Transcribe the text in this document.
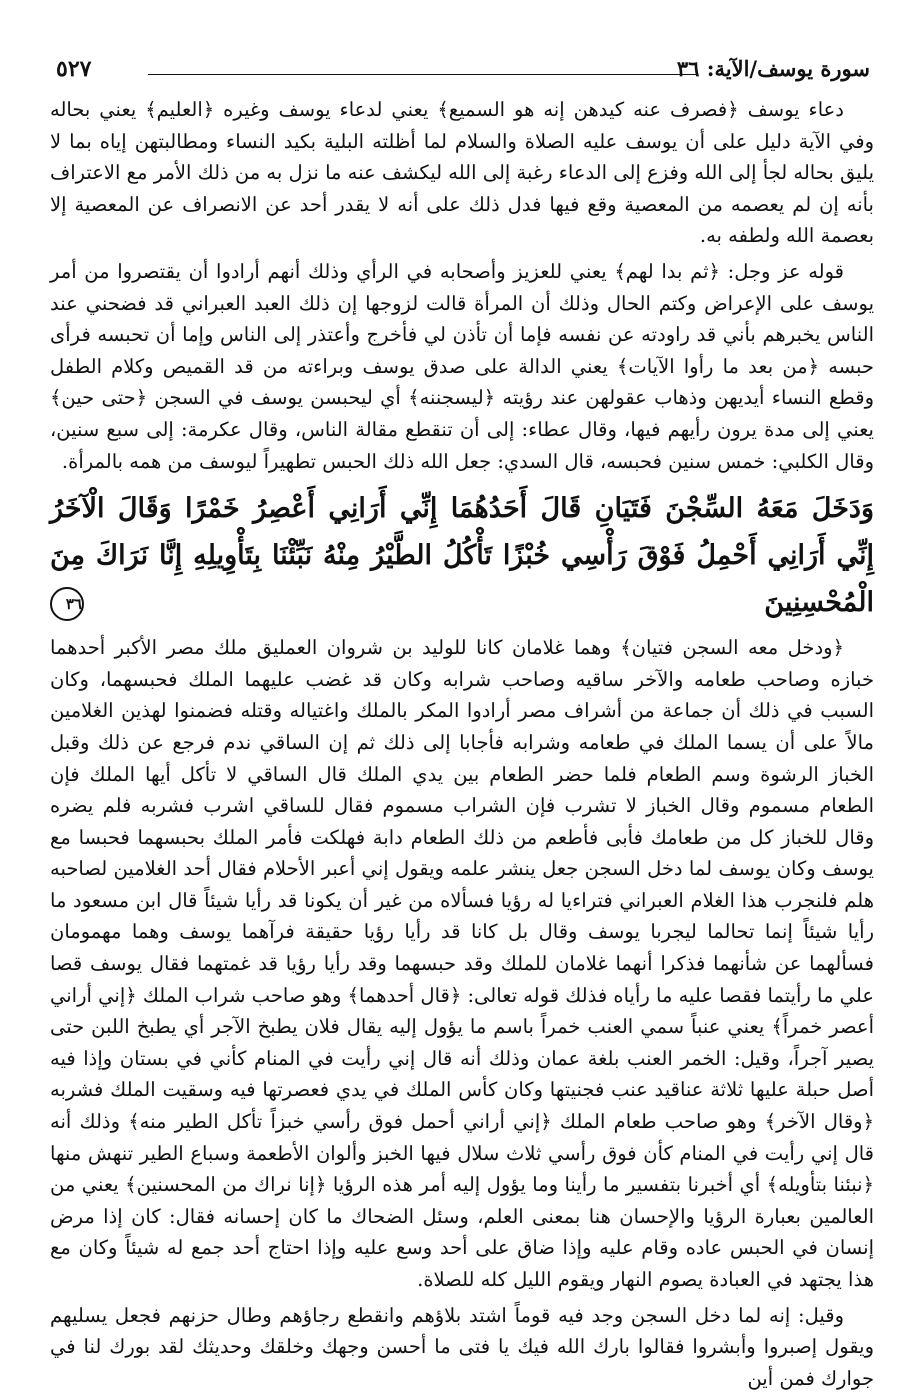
سورة يوسف/الآية: ٣٦
٥٢٧

دعاء يوسف ﴿فصرف عنه كيدهن إنه هو السميع﴾ يعني لدعاء يوسف وغيره ﴿العليم﴾ يعني بحاله وفي الآية دليل على أن يوسف عليه الصلاة والسلام لما أظلته البلية بكيد النساء ومطالبتهن إياه بما لا يليق بحاله لجأ إلى الله وفزع إلى الدعاء رغبة إلى الله ليكشف عنه ما نزل به من ذلك الأمر مع الاعتراف بأنه إن لم يعصمه من المعصية وقع فيها فدل ذلك على أنه لا يقدر أحد عن الانصراف عن المعصية إلا بعصمة الله ولطفه به.

قوله عز وجل: ﴿ثم بدا لهم﴾ يعني للعزيز وأصحابه في الرأي وذلك أنهم أرادوا أن يقتصروا من أمر يوسف على الإعراض وكتم الحال وذلك أن المرأة قالت لزوجها إن ذلك العبد العبراني قد فضحني عند الناس يخبرهم بأني قد راودته عن نفسه فإما أن تأذن لي فأخرج وأعتذر إلى الناس وإما أن تحبسه فرأى حبسه ﴿من بعد ما رأوا الآيات﴾ يعني الدالة على صدق يوسف وبراءته من قد القميص وكلام الطفل وقطع النساء أيديهن وذهاب عقولهن عند رؤيته ﴿ليسجننه﴾ أي ليحبسن يوسف في السجن ﴿حتى حين﴾ يعني إلى مدة يرون رأيهم فيها، وقال عطاء: إلى أن تنقطع مقالة الناس، وقال عكرمة: إلى سبع سنين، وقال الكلبي: خمس سنين فحبسه، قال السدي: جعل الله ذلك الحبس تطهيراً ليوسف من همه بالمرأة.

وَدَخَلَ مَعَهُ السِّجْنَ فَتَيَانِ قَالَ أَحَدُهُمَا إِنِّي أَرَانِي أَعْصِرُ خَمْرًا وَقَالَ الْآخَرُ إِنِّي أَرَانِي أَحْمِلُ فَوْقَ رَأْسِي خُبْزًا تَأْكُلُ الطَّيْرُ مِنْهُ نَبِّئْنَا بِتَأْوِيلِهِ إِنَّا نَرَاكَ مِنَ الْمُحْسِنِينَ ٣٦

﴿ودخل معه السجن فتيان﴾ وهما غلامان كانا للوليد بن شروان العمليق ملك مصر الأكبر أحدهما خبازه وصاحب طعامه والآخر ساقيه وصاحب شرابه وكان قد غضب عليهما الملك فحبسهما، وكان السبب في ذلك أن جماعة من أشراف مصر أرادوا المكر بالملك واغتياله وقتله فضمنوا لهذين الغلامين مالاً على أن يسما الملك في طعامه وشرابه فأجابا إلى ذلك ثم إن الساقي ندم فرجع عن ذلك وقبل الخباز الرشوة وسم الطعام فلما حضر الطعام بين يدي الملك قال الساقي لا تأكل أيها الملك فإن الطعام مسموم وقال الخباز لا تشرب فإن الشراب مسموم فقال للساقي اشرب فشربه فلم يضره وقال للخباز كل من طعامك فأبى فأطعم من ذلك الطعام دابة فهلكت فأمر الملك بحبسهما فحبسا مع يوسف وكان يوسف لما دخل السجن جعل ينشر علمه ويقول إني أعبر الأحلام فقال أحد الغلامين لصاحبه هلم فلنجرب هذا الغلام العبراني فتراءيا له رؤيا فسألاه من غير أن يكونا قد رأيا شيئاً قال ابن مسعود ما رأيا شيئاً إنما تحالما ليجربا يوسف وقال بل كانا قد رأيا رؤيا حقيقة فرآهما يوسف وهما مهمومان فسألهما عن شأنهما فذكرا أنهما غلامان للملك وقد حبسهما وقد رأيا رؤيا قد غمتهما فقال يوسف قصا علي ما رأيتما فقصا عليه ما رأياه فذلك قوله تعالى: ﴿قال أحدهما﴾ وهو صاحب شراب الملك ﴿إني أراني أعصر خمراً﴾ يعني عنباً سمي العنب خمراً باسم ما يؤول إليه يقال فلان يطبخ الآجر أي يطبخ اللبن حتى يصير آجراً، وقيل: الخمر العنب بلغة عمان وذلك أنه قال إني رأيت في المنام كأني في بستان وإذا فيه أصل حبلة عليها ثلاثة عناقيد عنب فجنيتها وكان كأس الملك في يدي فعصرتها فيه وسقيت الملك فشربه ﴿وقال الآخر﴾ وهو صاحب طعام الملك ﴿إني أراني أحمل فوق رأسي خبزاً تأكل الطير منه﴾ وذلك أنه قال إني رأيت في المنام كأن فوق رأسي ثلاث سلال فيها الخبز وألوان الأطعمة وسباع الطير تنهش منها ﴿نبئنا بتأويله﴾ أي أخبرنا بتفسير ما رأينا وما يؤول إليه أمر هذه الرؤيا ﴿إنا نراك من المحسنين﴾ يعني من العالمين بعبارة الرؤيا والإحسان هنا بمعنى العلم، وسئل الضحاك ما كان إحسانه فقال: كان إذا مرض إنسان في الحبس عاده وقام عليه وإذا ضاق على أحد وسع عليه وإذا احتاج أحد جمع له شيئاً وكان مع هذا يجتهد في العبادة يصوم النهار ويقوم الليل كله للصلاة.

وقيل: إنه لما دخل السجن وجد فيه قوماً اشتد بلاؤهم وانقطع رجاؤهم وطال حزنهم فجعل يسليهم ويقول إصبروا وأبشروا فقالوا بارك الله فيك يا فتى ما أحسن وجهك وخلقك وحديثك لقد بورك لنا في جوارك فمن أين
